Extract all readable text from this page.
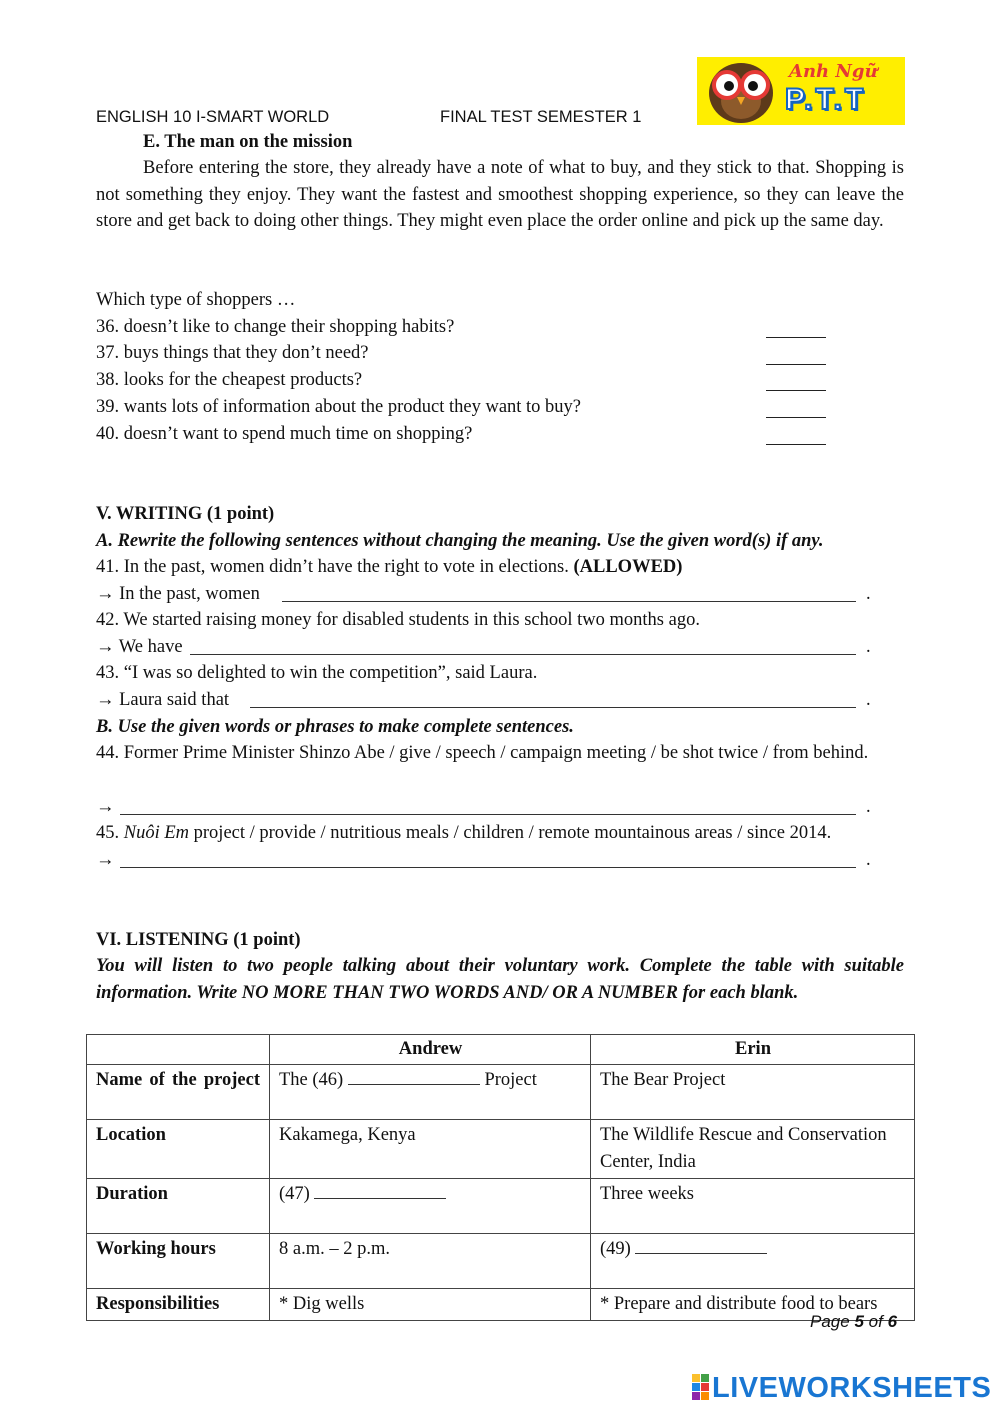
ENGLISH 10 I-SMART WORLD	FINAL TEST SEMESTER 1
Anh Ngữ
P.T.T
E. The man on the mission
Before entering the store, they already have a note of what to buy, and they stick to that. Shopping is not something they enjoy. They want the fastest and smoothest shopping experience, so they can leave the store and get back to doing other things. They might even place the order online and pick up the same day.
Which type of shoppers …
36. doesn’t like to change their shopping habits?
37. buys things that they don’t need?
38. looks for the cheapest products?
39. wants lots of information about the product they want to buy?
40. doesn’t want to spend much time on shopping?
V. WRITING (1 point)
A. Rewrite the following sentences without changing the meaning. Use the given word(s) if any.
41. In the past, women didn’t have the right to vote in elections. (ALLOWED)
→ In the past, women	.
42. We started raising money for disabled students in this school two months ago.
→ We have	.
43. “I was so delighted to win the competition”, said Laura.
→ Laura said that	.
B. Use the given words or phrases to make complete sentences.
44. Former Prime Minister Shinzo Abe / give / speech / campaign meeting / be shot twice / from behind.
→	.
45. Nuôi Em project / provide / nutritious meals / children / remote mountainous areas / since 2014.
→	.
VI. LISTENING (1 point)
You will listen to two people talking about their voluntary work. Complete the table with suitable information. Write NO MORE THAN TWO WORDS AND/ OR A NUMBER for each blank.
	Andrew	Erin

Name of the project	The (46) Project	The Bear Project
Location	Kakamega, Kenya	The Wildlife Rescue and Conservation Center, India
Duration	(47)	Three weeks
Working hours	8 a.m. – 2 p.m.	(49)
Responsibilities	* Dig wells	* Prepare and distribute food to bears
Page 5 of 6
LIVEWORKSHEETS
